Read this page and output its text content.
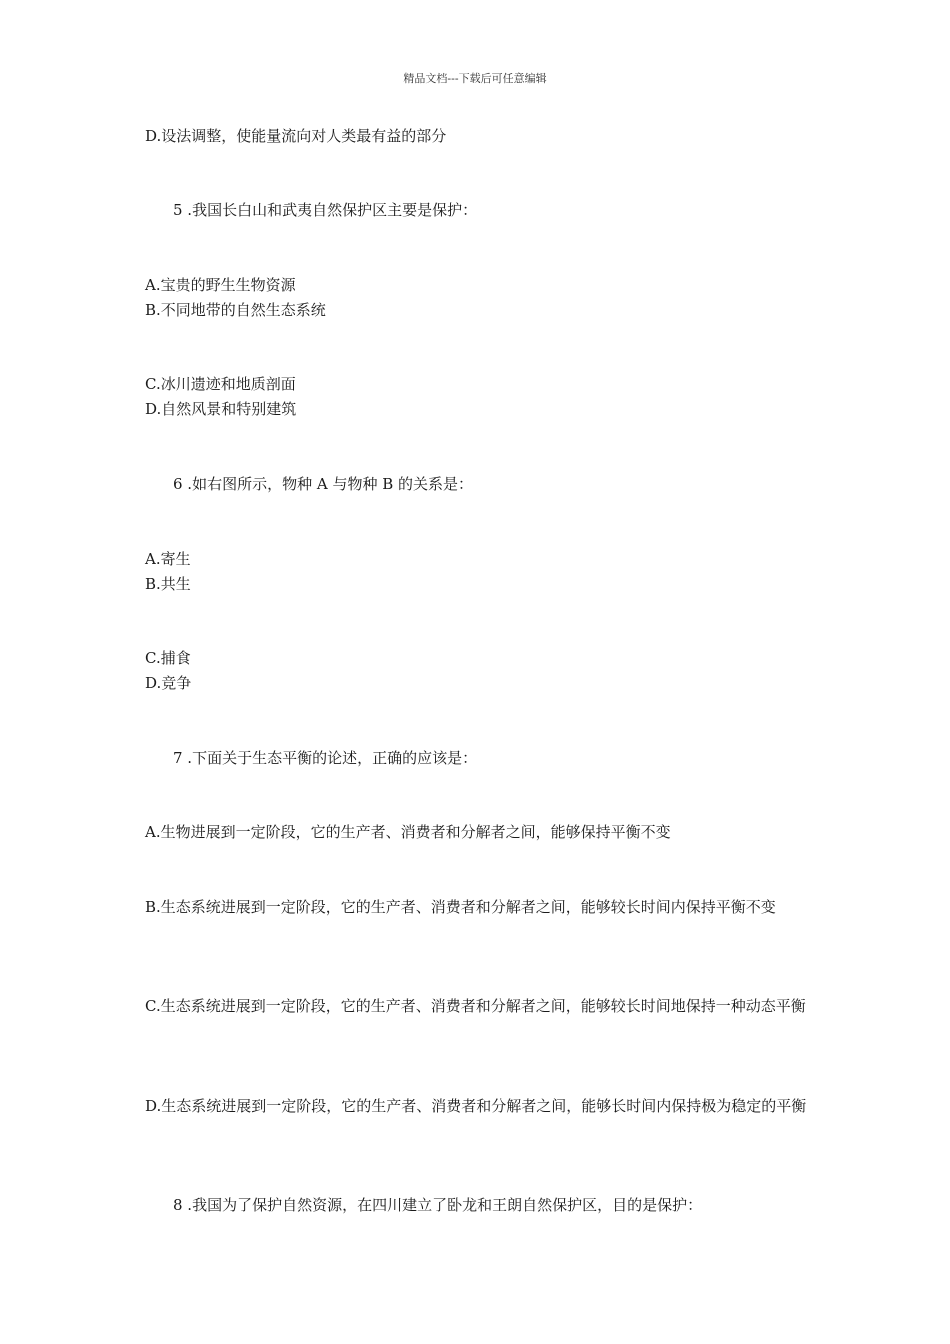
精品文档---下载后可任意编辑
D.设法调整，使能量流向对人类最有益的部分
5 .我国长白山和武夷自然保护区主要是保护：
A.宝贵的野生生物资源
B.不同地带的自然生态系统
C.冰川遗迹和地质剖面
D.自然风景和特别建筑
6 .如右图所示，物种 A 与物种 B 的关系是：
A.寄生
B.共生
C.捕食
D.竞争
7 .下面关于生态平衡的论述，正确的应该是：
A.生物进展到一定阶段，它的生产者、消费者和分解者之间，能够保持平衡不变
B.生态系统进展到一定阶段，它的生产者、消费者和分解者之间，能够较长时间内保持平衡不变
C.生态系统进展到一定阶段，它的生产者、消费者和分解者之间，能够较长时间地保持一种动态平衡
D.生态系统进展到一定阶段，它的生产者、消费者和分解者之间，能够长时间内保持极为稳定的平衡
8 .我国为了保护自然资源，在四川建立了卧龙和王朗自然保护区，目的是保护：
